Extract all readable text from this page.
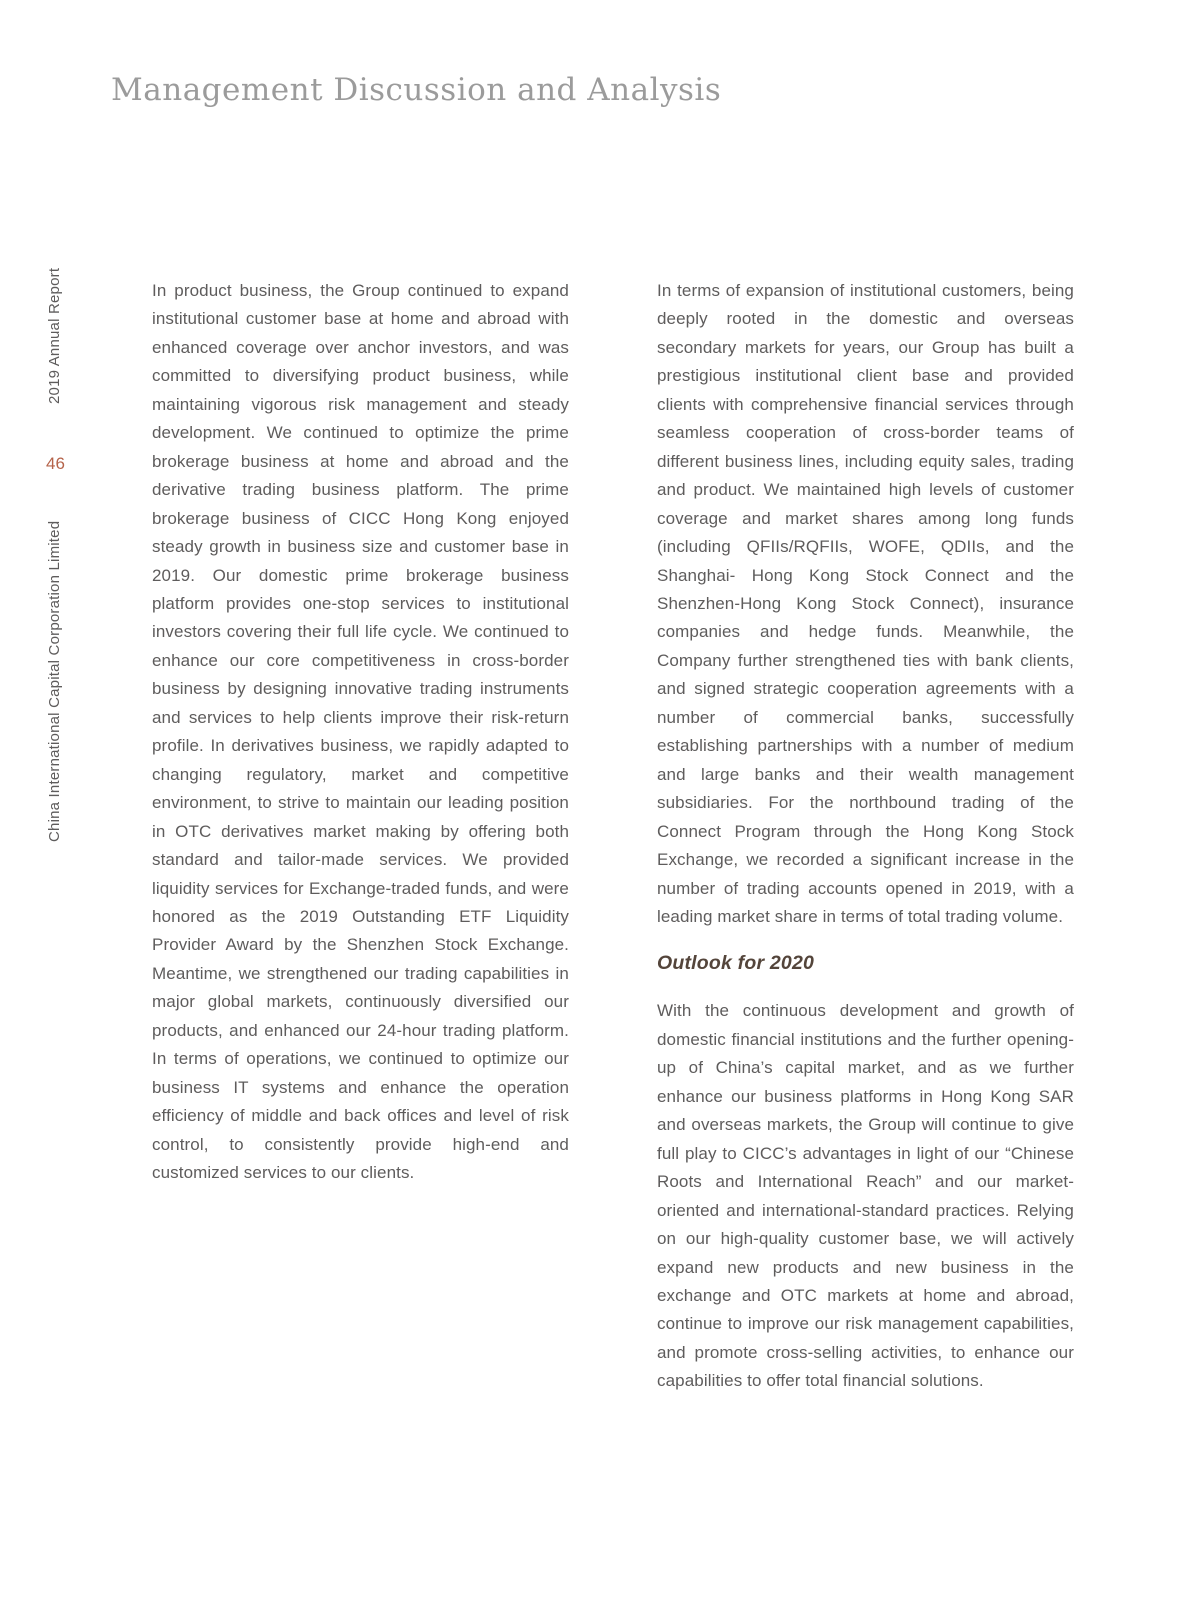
Management Discussion and Analysis
2019 Annual Report
46
China International Capital Corporation Limited

In product business, the Group continued to expand institutional customer base at home and abroad with enhanced coverage over anchor investors, and was committed to diversifying product business, while maintaining vigorous risk management and steady development. We continued to optimize the prime brokerage business at home and abroad and the derivative trading business platform. The prime brokerage business of CICC Hong Kong enjoyed steady growth in business size and customer base in 2019. Our domestic prime brokerage business platform provides one-stop services to institutional investors covering their full life cycle. We continued to enhance our core competitiveness in cross-border business by designing innovative trading instruments and services to help clients improve their risk-return profile. In derivatives business, we rapidly adapted to changing regulatory, market and competitive environment, to strive to maintain our leading position in OTC derivatives market making by offering both standard and tailor-made services. We provided liquidity services for Exchange-traded funds, and were honored as the 2019 Outstanding ETF Liquidity Provider Award by the Shenzhen Stock Exchange. Meantime, we strengthened our trading capabilities in major global markets, continuously diversified our products, and enhanced our 24-hour trading platform. In terms of operations, we continued to optimize our business IT systems and enhance the operation efficiency of middle and back offices and level of risk control, to consistently provide high-end and customized services to our clients.

In terms of expansion of institutional customers, being deeply rooted in the domestic and overseas secondary markets for years, our Group has built a prestigious institutional client base and provided clients with comprehensive financial services through seamless cooperation of cross-border teams of different business lines, including equity sales, trading and product. We maintained high levels of customer coverage and market shares among long funds (including QFIIs/RQFIIs, WOFE, QDIIs, and the Shanghai- Hong Kong Stock Connect and the Shenzhen-Hong Kong Stock Connect), insurance companies and hedge funds. Meanwhile, the Company further strengthened ties with bank clients, and signed strategic cooperation agreements with a number of commercial banks, successfully establishing partnerships with a number of medium and large banks and their wealth management subsidiaries. For the northbound trading of the Connect Program through the Hong Kong Stock Exchange, we recorded a significant increase in the number of trading accounts opened in 2019, with a leading market share in terms of total trading volume.

Outlook for 2020

With the continuous development and growth of domestic financial institutions and the further opening-up of China’s capital market, and as we further enhance our business platforms in Hong Kong SAR and overseas markets, the Group will continue to give full play to CICC’s advantages in light of our “Chinese Roots and International Reach” and our market-oriented and international-standard practices. Relying on our high-quality customer base, we will actively expand new products and new business in the exchange and OTC markets at home and abroad, continue to improve our risk management capabilities, and promote cross-selling activities, to enhance our capabilities to offer total financial solutions.
